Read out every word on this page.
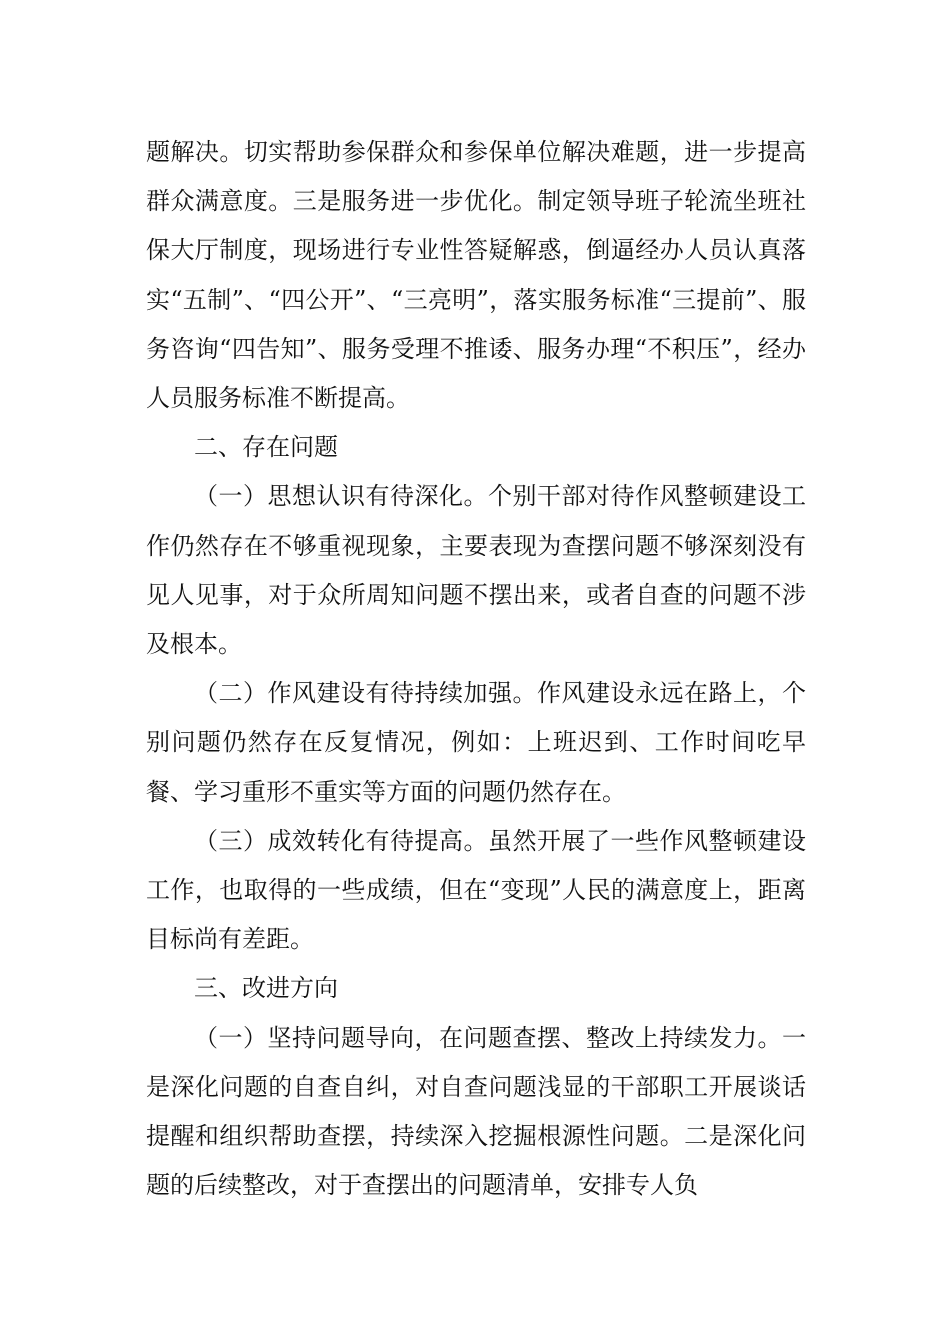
题解决。切实帮助参保群众和参保单位解决难题，进一步提高群众满意度。三是服务进一步优化。制定领导班子轮流坐班社保大厅制度，现场进行专业性答疑解惑，倒逼经办人员认真落实“五制”、“四公开”、“三亮明”，落实服务标准“三提前”、服务咨询“四告知”、服务受理不推诿、服务办理“不积压”，经办人员服务标准不断提高。

二、存在问题

（一）思想认识有待深化。个别干部对待作风整顿建设工作仍然存在不够重视现象，主要表现为查摆问题不够深刻没有见人见事，对于众所周知问题不摆出来，或者自查的问题不涉及根本。

（二）作风建设有待持续加强。作风建设永远在路上，个别问题仍然存在反复情况，例如：上班迟到、工作时间吃早餐、学习重形不重实等方面的问题仍然存在。

（三）成效转化有待提高。虽然开展了一些作风整顿建设工作，也取得的一些成绩，但在“变现”人民的满意度上，距离目标尚有差距。

三、改进方向

（一）坚持问题导向，在问题查摆、整改上持续发力。一是深化问题的自查自纠，对自查问题浅显的干部职工开展谈话提醒和组织帮助查摆，持续深入挖掘根源性问题。二是深化问题的后续整改，对于查摆出的问题清单，安排专人负
